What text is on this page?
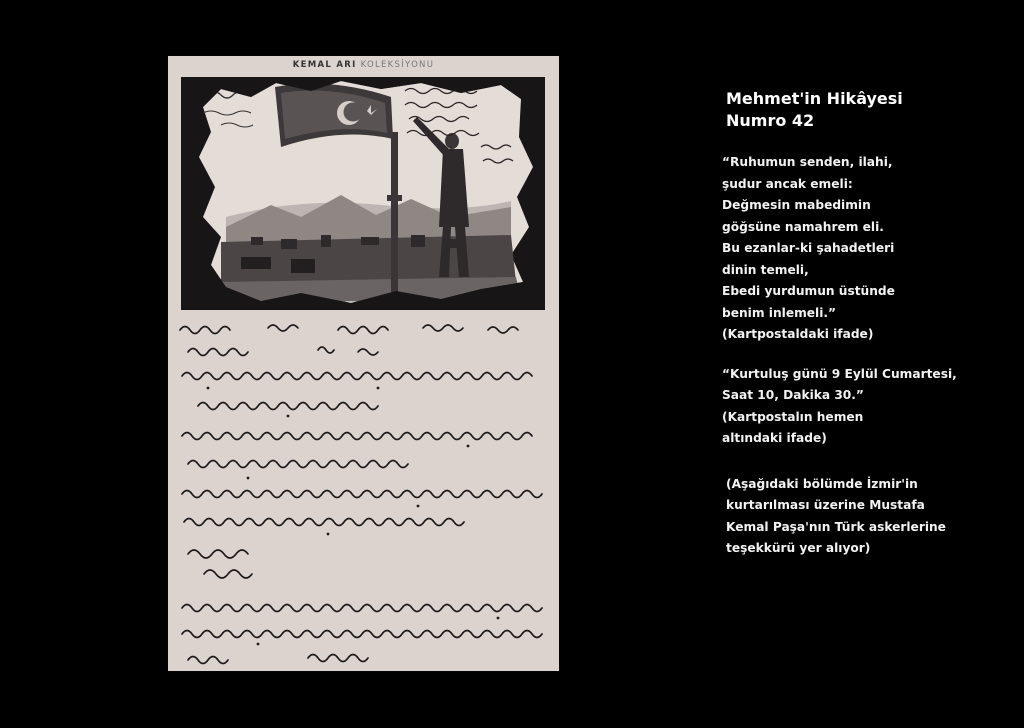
KEMAL ARI KOLEKSİYONU
Mehmet'in Hikâyesi
Numro 42
“Ruhumun senden, ilahi,
şudur ancak emeli:
Değmesin mabedimin
göğsüne namahrem eli.
Bu ezanlar-ki şahadetleri
dinin temeli,
Ebedi yurdumun üstünde
benim inlemeli.”
(Kartpostaldaki ifade)
“Kurtuluş günü 9 Eylül Cumartesi,
Saat 10, Dakika 30.”
(Kartpostalın hemen
altındaki ifade)
(Aşağıdaki bölümde İzmir'in
kurtarılması üzerine Mustafa
Kemal Paşa'nın Türk askerlerine
teşekkürü yer alıyor)
